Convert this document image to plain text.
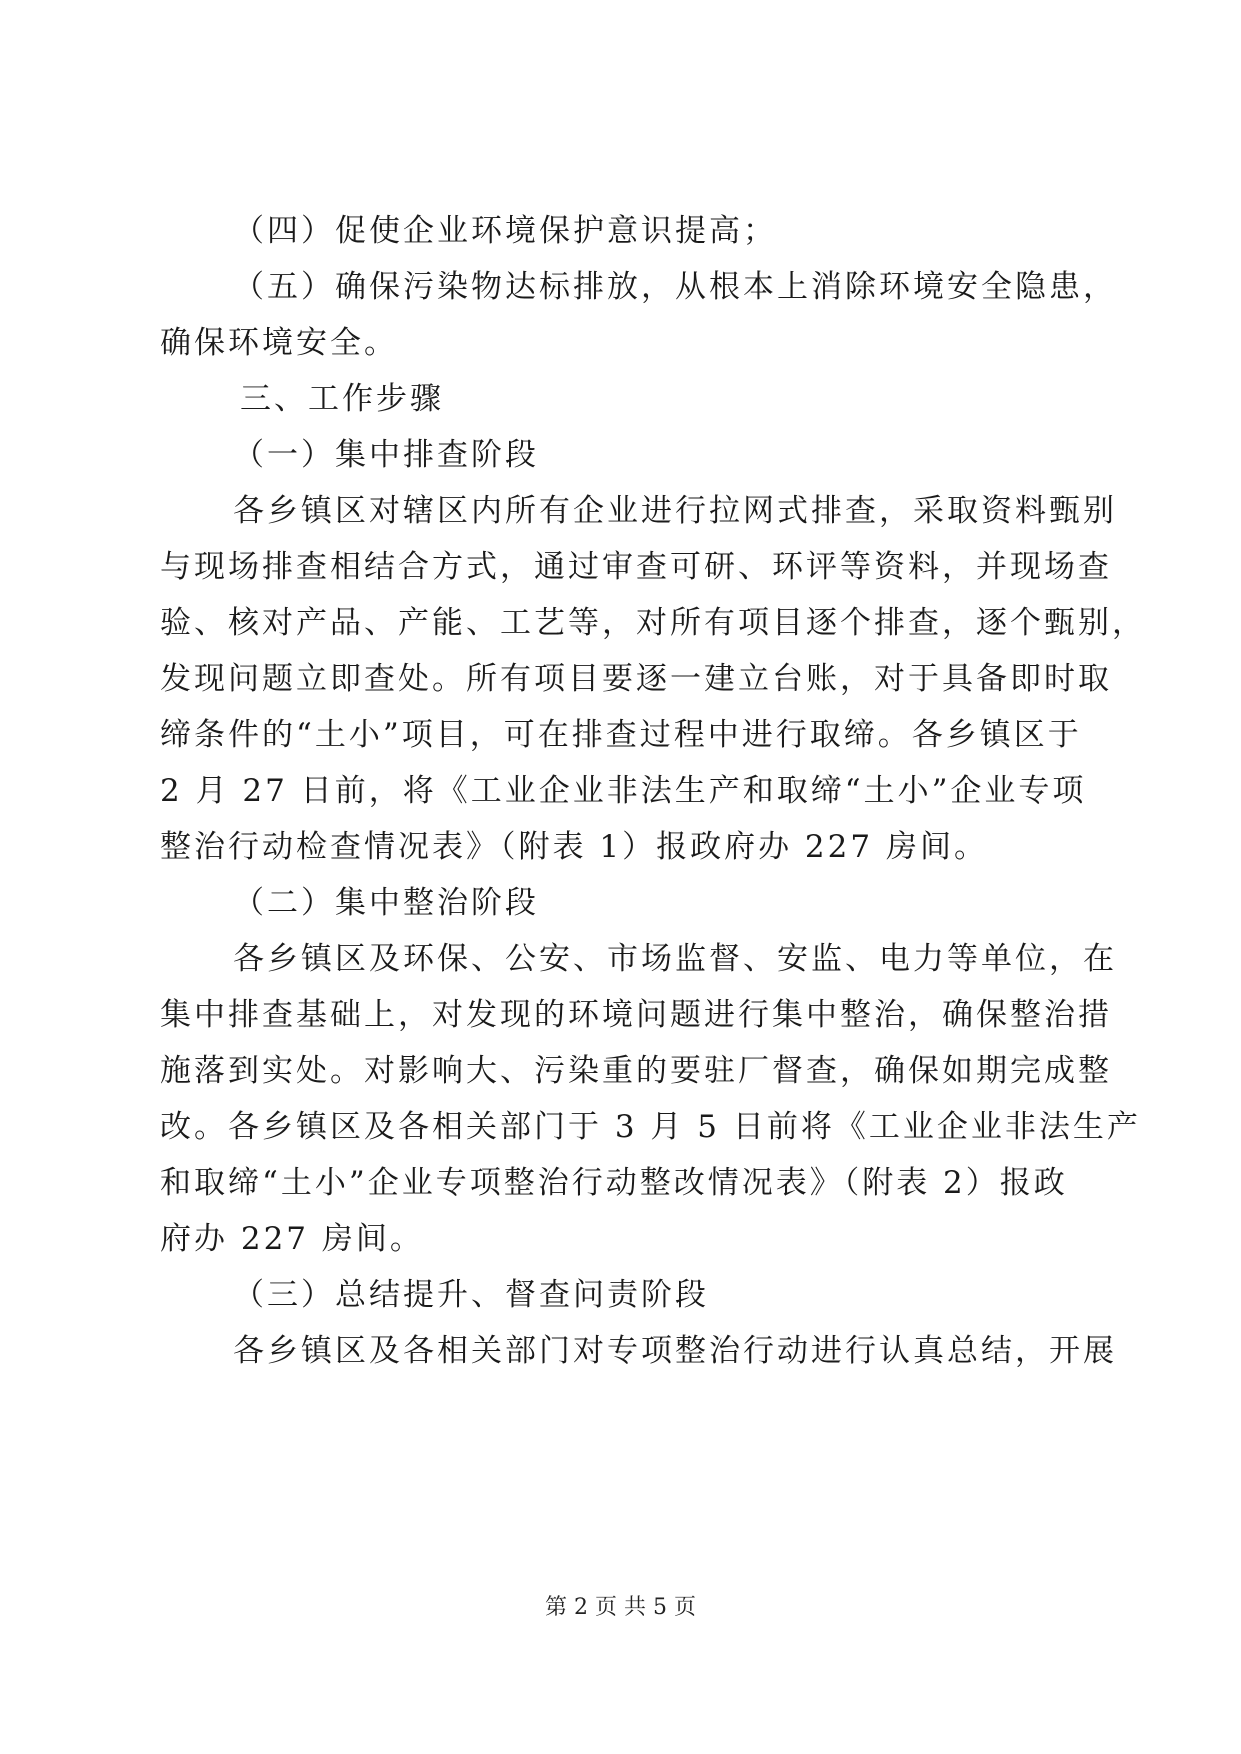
（四）促使企业环境保护意识提高；
（五）确保污染物达标排放，从根本上消除环境安全隐患，
确保环境安全。
三、工作步骤
（一）集中排查阶段
各乡镇区对辖区内所有企业进行拉网式排查，采取资料甄别
与现场排查相结合方式，通过审查可研、环评等资料，并现场查
验、核对产品、产能、工艺等，对所有项目逐个排查，逐个甄别，
发现问题立即查处。所有项目要逐一建立台账，对于具备即时取
缔条件的“土小”项目，可在排查过程中进行取缔。各乡镇区于
2 月 27 日前，将《工业企业非法生产和取缔“土小”企业专项
整治行动检查情况表》（附表 1）报政府办 227 房间。
（二）集中整治阶段
各乡镇区及环保、公安、市场监督、安监、电力等单位，在
集中排查基础上，对发现的环境问题进行集中整治，确保整治措
施落到实处。对影响大、污染重的要驻厂督查，确保如期完成整
改。各乡镇区及各相关部门于 3 月 5 日前将《工业企业非法生产
和取缔“土小”企业专项整治行动整改情况表》（附表 2）报政
府办 227 房间。
（三）总结提升、督查问责阶段
各乡镇区及各相关部门对专项整治行动进行认真总结，开展
第 2 页 共 5 页
